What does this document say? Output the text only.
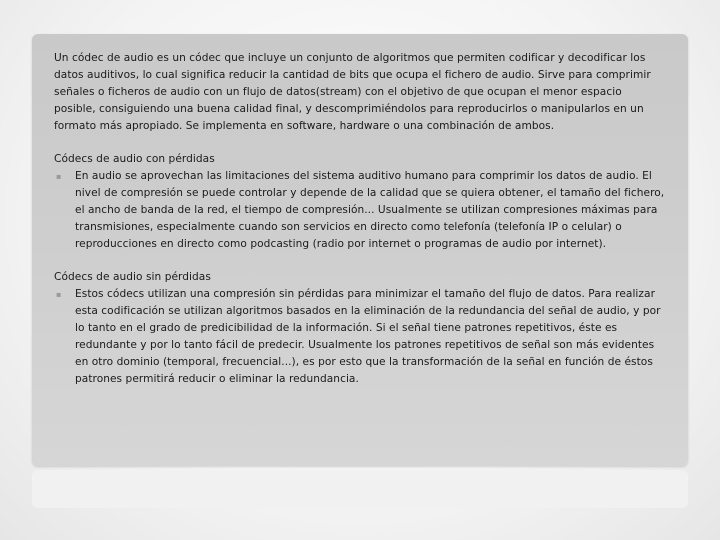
Un códec de audio es un códec que incluye un conjunto de algoritmos que permiten codificar y decodificar los datos auditivos, lo cual significa reducir la cantidad de bits que ocupa el fichero de audio. Sirve para comprimir señales o ficheros de audio con un flujo de datos(stream) con el objetivo de que ocupan el menor espacio posible, consiguiendo una buena calidad final, y descomprimiéndolos para reproducirlos o manipularlos en un formato más apropiado. Se implementa en software, hardware o una combinación de ambos.

Códecs de audio con pérdidas

▪ En audio se aprovechan las limitaciones del sistema auditivo humano para comprimir los datos de audio. El nivel de compresión se puede controlar y depende de la calidad que se quiera obtener, el tamaño del fichero, el ancho de banda de la red, el tiempo de compresión... Usualmente se utilizan compresiones máximas para transmisiones, especialmente cuando son servicios en directo como telefonía (telefonía IP o celular) o reproducciones en directo como podcasting (radio por internet o programas de audio por internet).

Códecs de audio sin pérdidas

▪ Estos códecs utilizan una compresión sin pérdidas para minimizar el tamaño del flujo de datos. Para realizar esta codificación se utilizan algoritmos basados en la eliminación de la redundancia del señal de audio, y por lo tanto en el grado de predicibilidad de la información. Si el señal tiene patrones repetitivos, éste es redundante y por lo tanto fácil de predecir. Usualmente los patrones repetitivos de señal son más evidentes en otro dominio (temporal, frecuencial...), es por esto que la transformación de la señal en función de éstos patrones permitirá reducir o eliminar la redundancia.
